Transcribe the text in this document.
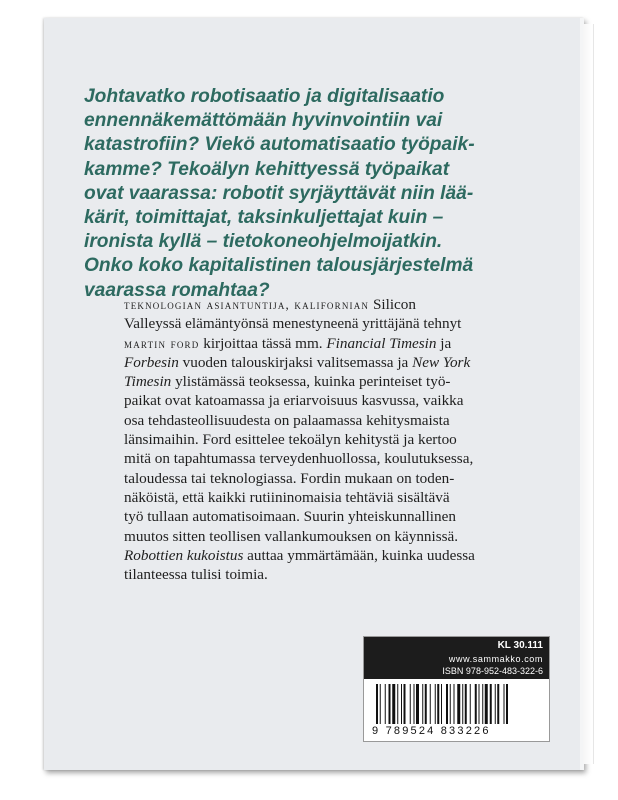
Johtavatko robotisaatio ja digitalisaatio
ennennäkemättömään hyvinvointiin vai
katastrofiin? Viekö automatisaatio työpaik-
kamme? Tekoälyn kehittyessä työpaikat
ovat vaarassa: robotit syrjäyttävät niin lää-
kärit, toimittajat, taksinkuljettajat kuin –
ironista kyllä – tietokoneohjelmoijatkin.
Onko koko kapitalistinen talousjärjestelmä
vaarassa romahtaa?

teknologian asiantuntija, kalifornian Silicon
Valleyssä elämäntyönsä menestyneenä yrittäjänä tehnyt
martin ford kirjoittaa tässä mm. Financial Timesin ja
Forbesin vuoden talouskirjaksi valitsemassa ja New York
Timesin ylistämässä teoksessa, kuinka perinteiset työ-
paikat ovat katoamassa ja eriarvoisuus kasvussa, vaikka
osa tehdasteollisuudesta on palaamassa kehitysmaista
länsimaihin. Ford esittelee tekoälyn kehitystä ja kertoo
mitä on tapahtumassa terveydenhuollossa, koulutuksessa,
taloudessa tai teknologiassa. Fordin mukaan on toden-
näköistä, että kaikki rutiininomaisia tehtäviä sisältävä
työ tullaan automatisoimaan. Suurin yhteiskunnallinen
muutos sitten teollisen vallankumouksen on käynnissä.
Robottien kukoistus auttaa ymmärtämään, kuinka uudessa
tilanteessa tulisi toimia.

KL 30.111
www.sammakko.com
ISBN 978-952-483-322-6
9 789524 833226
